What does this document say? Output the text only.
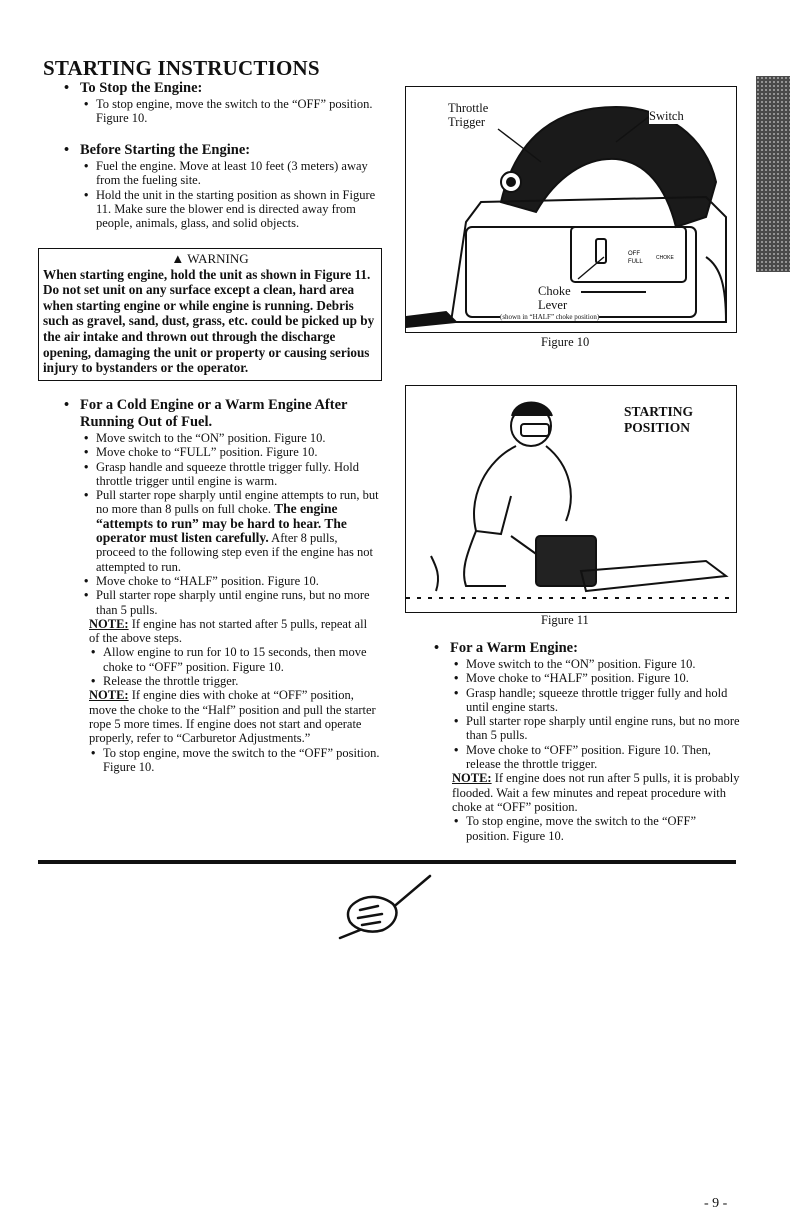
STARTING INSTRUCTIONS
• To Stop the Engine:
• To stop engine, move the switch to the “OFF” position. Figure 10.
• Before Starting the Engine:
• Fuel the engine. Move at least 10 feet (3 meters) away from the fueling site.
• Hold the unit in the starting position as shown in Figure 11. Make sure the blower end is directed away from people, animals, glass, and solid objects.
▲ WARNING
When starting engine, hold the unit as shown in Figure 11. Do not set unit on any surface except a clean, hard area when starting engine or while engine is running. Debris such as gravel, sand, dust, grass, etc. could be picked up by the air intake and thrown out through the discharge opening, damaging the unit or property or causing serious injury to bystanders or the operator.
• For a Cold Engine or a Warm Engine After Running Out of Fuel.
• Move switch to the “ON” position. Figure 10.
• Move choke to “FULL” position. Figure 10.
• Grasp handle and squeeze throttle trigger fully. Hold throttle trigger until engine is warm.
• Pull starter rope sharply until engine attempts to run, but no more than 8 pulls on full choke. The engine “attempts to run” may be hard to hear. The operator must listen carefully. After 8 pulls, proceed to the following step even if the engine has not attempted to run.
• Move choke to “HALF” position. Figure 10.
• Pull starter rope sharply until engine runs, but no more than 5 pulls.
NOTE: If engine has not started after 5 pulls, repeat all of the above steps.
• Allow engine to run for 10 to 15 seconds, then move choke to “OFF” position. Figure 10.
• Release the throttle trigger.
NOTE: If engine dies with choke at “OFF” position, move the choke to the “Half” position and pull the starter rope 5 more times. If engine does not start and operate properly, refer to “Carburetor Adjustments.”
• To stop engine, move the switch to the “OFF” position. Figure 10.
OFF
FULL
CHOKE
Throttle
Trigger	Switch
Choke
Lever
(shown in “HALF” choke position)
Figure 10
STARTING
POSITION
Figure 11
• For a Warm Engine:
• Move switch to the “ON” position. Figure 10.
• Move choke to “HALF” position. Figure 10.
• Grasp handle; squeeze throttle trigger fully and hold until engine starts.
• Pull starter rope sharply until engine runs, but no more than 5 pulls.
• Move choke to “OFF” position. Figure 10. Then, release the throttle trigger.
NOTE: If engine does not run after 5 pulls, it is probably flooded. Wait a few minutes and repeat procedure with choke at “OFF” position.
• To stop engine, move the switch to the “OFF” position. Figure 10.
- 9 -
